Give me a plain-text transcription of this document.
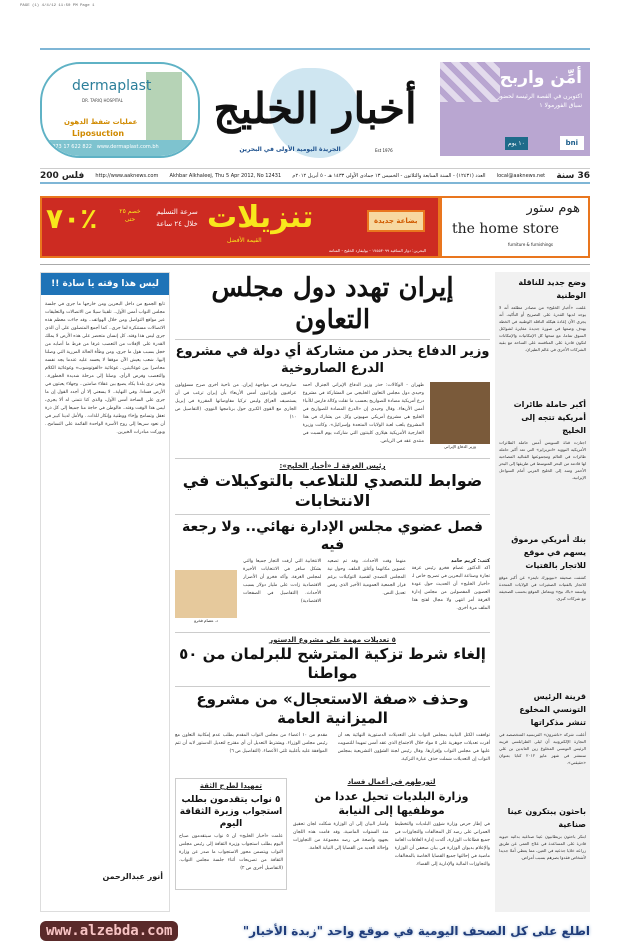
PAGE (1) 4/4/12 11:50 PM Page 1
أمِّن واربح
اكتوبرن في الفصة الرئيسة لحضور سباق الفورمولا ١
١٠ يوم	bni
أخبار الخليج
الجريدة اليومية الأولى في البحرين	Est 1976
dermaplast
DR. TARIQ HOSPITAL
عمليات شفط الدهون
Liposuction
+973 17 622 822 www.dermaplast.com.bh
200 فلس http://www.aaknews.com Akhbar Alkhaleej, Thu 5 Apr 2012, No 12431 العدد (١٢٤٣١) - السنة السابعة والثلاثون - الخميس ١٣ جمادى الأولى ١٤٣٣ هـ - ٥ أبريل ٢٠١٢م local@aaknews.net 36 سنة
٧٠٪	خصم ٢٥ حتى
سرعة التسليم خلال ٢٤ ساعة تنزيلات
القيمة الأفضل
بضاعة جديدة
البحرين: دوار الساقية ١٧٥٥٣٠٩٩ - بوليفارد الخليج - المنامة
هوم ستور
the home store
furniture & furnishings
ليس هذا وقته يا سادة !!
تابع الجميع من داخل البحرين ومن خارجها ما جرى في جلسة مجلس النواب أمس الأول.. تلقينا سيلا من الاتصالات والتعليقات عبر مواقع التواصل ومن خلال الهواتف.. وقد جاءت معظم هذه الاتصالات مستنكرة لما جرى.. كما أجمع المتصلون على أن الذي جرى ليس هذا وقته. كل إنسان متحضر على هذه الأرض لا يملك القدرة على الإفلات من التعصب عرقا من فرط ما أصابه من خجل بسبب هول ما جرى، ومن وطأة الحالة المزرية التي وصلنا إليها. شعب يعيش الآن موقفا لا يحسد عليه عندما يجد نفسه محاصرا بين غوغائيتين.. غوغائية «الفوتوشوب» وغوغائية الكلام والتعصب وفرض الرأي. وصلنا إلى مرحلة شديدة الخطورة.. ونحن نرى بلدنا يكاد يضيع بين عقلاء صامتين.. وجهلاء يعبثون في الأرض فسادا. وفي النهاية.. لا يسعني إلا أن أجدد القول إن ما جرى على الساحة أمس الأول، والذي كنا نتمنى له ألا يجري، ليس هذا الوقت وقته.. فالوطن في حاجة منا جميعا إلى كل ذرة تعقل وتسامح وإخاء ووطنية وإنكار للذات.. والأمل لدينا كبير في أن نعود سريعا إلى روح الأسرة الواحدة القائمة على التسامح.. وبوركت مبادرات الخيرين.
أنور عبدالرحمن
إيران تهدد دول مجلس التعاون
وزير الدفاع يحذر من مشاركة أي دولة في مشروع الدرع الصاروخية
وزير الدفاع الإيراني
طهران - الوكالات: حذر وزير الدفاع الإيراني الجنرال أحمد وحيدي دول مجلس التعاون الخليجي من المشاركة في مشروع درع أمريكية مضادة للصواريخ بحسب ما نقلت وكالة فارس للأنباء أمس الأربعاء. وقال وحيدي إن «الدرع المضادة للصواريخ في الخليج هي مشروع أمريكي صهيوني وكل من يشارك في هذا المشروع يلعب لعبة الولايات المتحدة وإسرائيل». وكانت وزيرة الخارجية الأمريكية هيلاري كلينتون التي شاركت يوم السبت في منتدى عقد في الرياض.
صاروخية في مواجهة إيران. من ناحية أخرى صرح مسؤولون عراقيون وإيرانيون أمس الأربعاء بأن إيران ترغب في أن يستضيف العراق وليس تركيا مفاوضاتها المقررة في إبريل الجاري مع القوى الكبرى حول برنامجها النووي. (التفاصيل ص ١٠)
رئيس الغرفة لـ «أخبار الخليج»:
ضوابط للتصدي للتلاعب بالتوكيلات في الانتخابات
فصل عضوي مجلس الإدارة نهائي.. ولا رجعة فيه
كتب: كريم حامد
أكد الدكتور عصام فخرو رئيس غرفة تجارة وصناعة البحرين في تصريح خاص لـ «أخبار الخليج» أن الحديث حول عودة العضوين المفصولين من مجلس إدارة الغرفة أمر انتهى ولا مجال لفتح هذا الملف مرة أخرى.
منهما وقت الأحداث، وقد تم تصعيد عضوين مكانهما وأغلق الملف. وحول نية المجلس التصدي لقضية التوكيلات برغم قرار الجمعية العمومية الأخير الذي رفض تعديل النص.
الانتخابية التي أرقت التجار جميعا والتي بشكل سافر في الانتخابات الأخيرة لمجلس الغرفة. وأكد فخرو أن الأضرار الاقتصادية زادت على مليار دولار بسبب الأحداث. (التفاصيل في الصفحات الاقتصادية)
د. عصام فخرو
٥ تعديلات مهمة على مشروع الدستور
إلغاء شرط تزكية المترشح للبرلمان من ٥٠ مواطنا
وحذف «صفة الاستعجال» من مشروع الميزانية العامة
توافقت الكتل النيابية بمجلس النواب على التعديلات الدستورية النهائية بعد أن أقرت تعديلات جوهرية على ٥ مواد خلال الاجتماع الذي عقد أمس تمهيدا للتصويت عليها في مجلس النواب وإقرارها. وقال رئيس لجنة الشؤون التشريعية بمجلس النواب إن التعديلات شملت حذف عبارة التزكية.
مقدم من ١٠ أعضاء من مجلس النواب المقدم بطلب عدم إمكانية التعاون مع رئيس مجلس الوزراء. ويشترط التعديل أن أي مقترح لتعديل الدستور لابد أن تتم الموافقة عليه بأغلبية ثلثي الأعضاء. (التفاصيل ص ٦)
لتورطهم في أعمال فساد
وزارة البلديات تحيل عددا من موظفيها إلى النيابة
في إطار حرص وزارة شؤون البلديات والتخطيط العمراني على رصد كل المخالفات والتجاوزات في جميع قطاعات الوزارة، أكدت إدارة العلاقات العامة والإعلام بديوان الوزارة في بيان صحفي أن الوزارة ماضية في إحالتها جميع القضايا الخاصة بالمخالفات والتجاوزات المالية والإدارية إلى القضاء.
وأشار البيان إلى أن الوزارة شكلت لجان تحقيق منذ السنوات الماضية، وقد قامت هذه اللجان بجهود واضحة في رصد مجموعة من التجاوزات وإحالة العديد من القضايا إلى النيابة العامة.
تمهيدا لطرح الثقة
٥ نواب يتقدمون بطلب استجواب وزيرة الثقافة اليوم
علمت «أخبار الخليج» أن ٥ نواب سيتقدمون صباح اليوم بطلب استجواب وزيرة الثقافة إلى رئيس مجلس النواب ويتضمن محور الاستجواب ما صدر عن وزارة الثقافة من تصريحات أثناء جلسة مجلس النواب. (التفاصيل أخرى ص ٢)
وضع جديد للناقلة الوطنية
علمت «أخبار الخليج» من مصادر مطلعة أنه لا يوجد لديها القدرة على التصريح أو التأكيد، أنه يجري الآن إعادة هيكلة الناقلة الوطنية في الخطة بهدف وضعها في صورة جديدة مغايرة لشواغل السوق تماما، مع منحها كل الإمكانيات والإمكانات لتكون قادرة على المنافسة على الساحة مع بقية الشركات الأخرى في عالم الطيران.
أكبر حاملة طائرات أمريكية تتجه إلى الخليج
اجتازت قناة السويس أمس حاملة الطائرات الأمريكية النووية «انتربرايز» التي تعد أكبر حاملة طائرات في العالم ومجموعتها القتالية المصاحبة لها قادمة من البحر المتوسط في طريقها إلى البحر الأحمر ومنه إلى الخليج العربي أمام السواحل الإيرانية.
بنك أمريكي مرموق يسهم في موقع للاتجار بالفتيات
كشفت صحيفة «نيويورك تايمز» عن أكبر موقع للاتجار بالفتيات الصغيرات في الولايات المتحدة واسمه «باك بيج» ويتعامل الموقع بحسب الصحيفة مع شركات كبرى.
قرينة الرئيس التونسي المخلوع تنشر مذكراتها
أعلنت شركة «ناشرون» الفرنسية المتخصصة في التجارة الإلكترونية أن ليلى الطرابلسي قرينة الرئيس التونسي المخلوع زين العابدين بن علي ستنشر في شهر مايو ٢٠١٢ كتابا بعنوان «حقيقتي».
باحثون يبتكرون عينا صناعية
ابتكر باحثون بريطانيون عينا صناعية بدائية حيوية قادرة على المساعدة في علاج العمى عن طريق زراعة خلايا جذعية في العين، مما يعطي أملا جديدا لأشخاص فقدوا بصرهم بسبب أمراض.
www.alzebda.com	اطلع على كل الصحف اليومية في موقع واحد "زبدة الأخبار"
